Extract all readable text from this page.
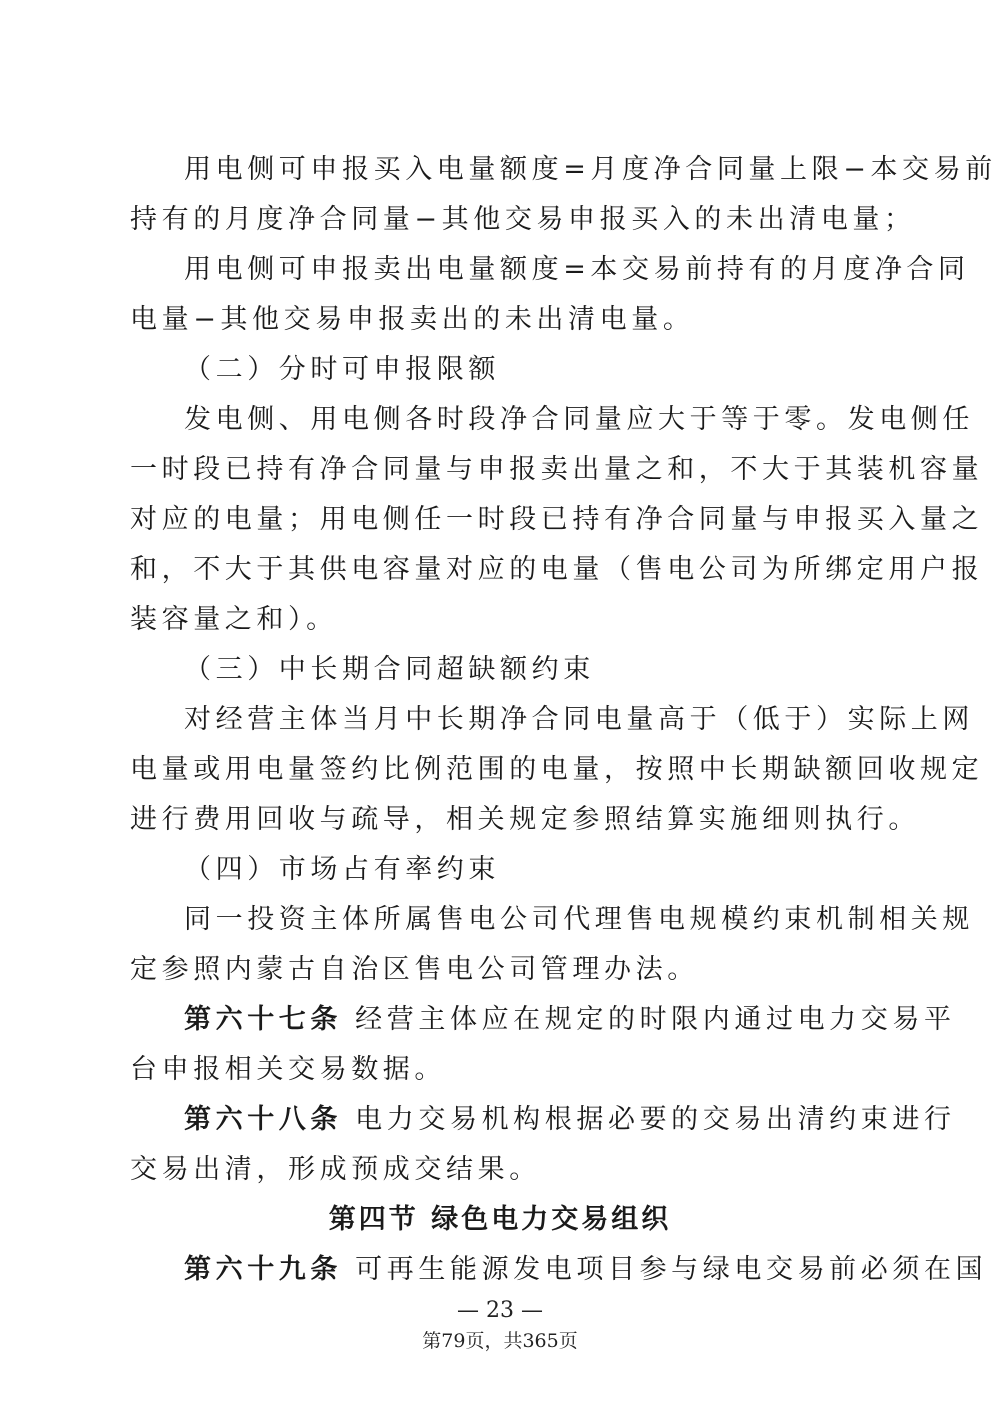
用电侧可申报买入电量额度=月度净合同量上限−本交易前
持有的月度净合同量−其他交易申报买入的未出清电量；
用电侧可申报卖出电量额度=本交易前持有的月度净合同
电量−其他交易申报卖出的未出清电量。
（二）分时可申报限额
发电侧、用电侧各时段净合同量应大于等于零。发电侧任
一时段已持有净合同量与申报卖出量之和，不大于其装机容量
对应的电量；用电侧任一时段已持有净合同量与申报买入量之
和，不大于其供电容量对应的电量（售电公司为所绑定用户报
装容量之和）。
（三）中长期合同超缺额约束
对经营主体当月中长期净合同电量高于（低于）实际上网
电量或用电量签约比例范围的电量，按照中长期缺额回收规定
进行费用回收与疏导，相关规定参照结算实施细则执行。
（四）市场占有率约束
同一投资主体所属售电公司代理售电规模约束机制相关规
定参照内蒙古自治区售电公司管理办法。
第六十七条 经营主体应在规定的时限内通过电力交易平
台申报相关交易数据。
第六十八条 电力交易机构根据必要的交易出清约束进行
交易出清，形成预成交结果。
第四节 绿色电力交易组织
第六十九条 可再生能源发电项目参与绿电交易前必须在国
— 23 —
第79页，共365页
